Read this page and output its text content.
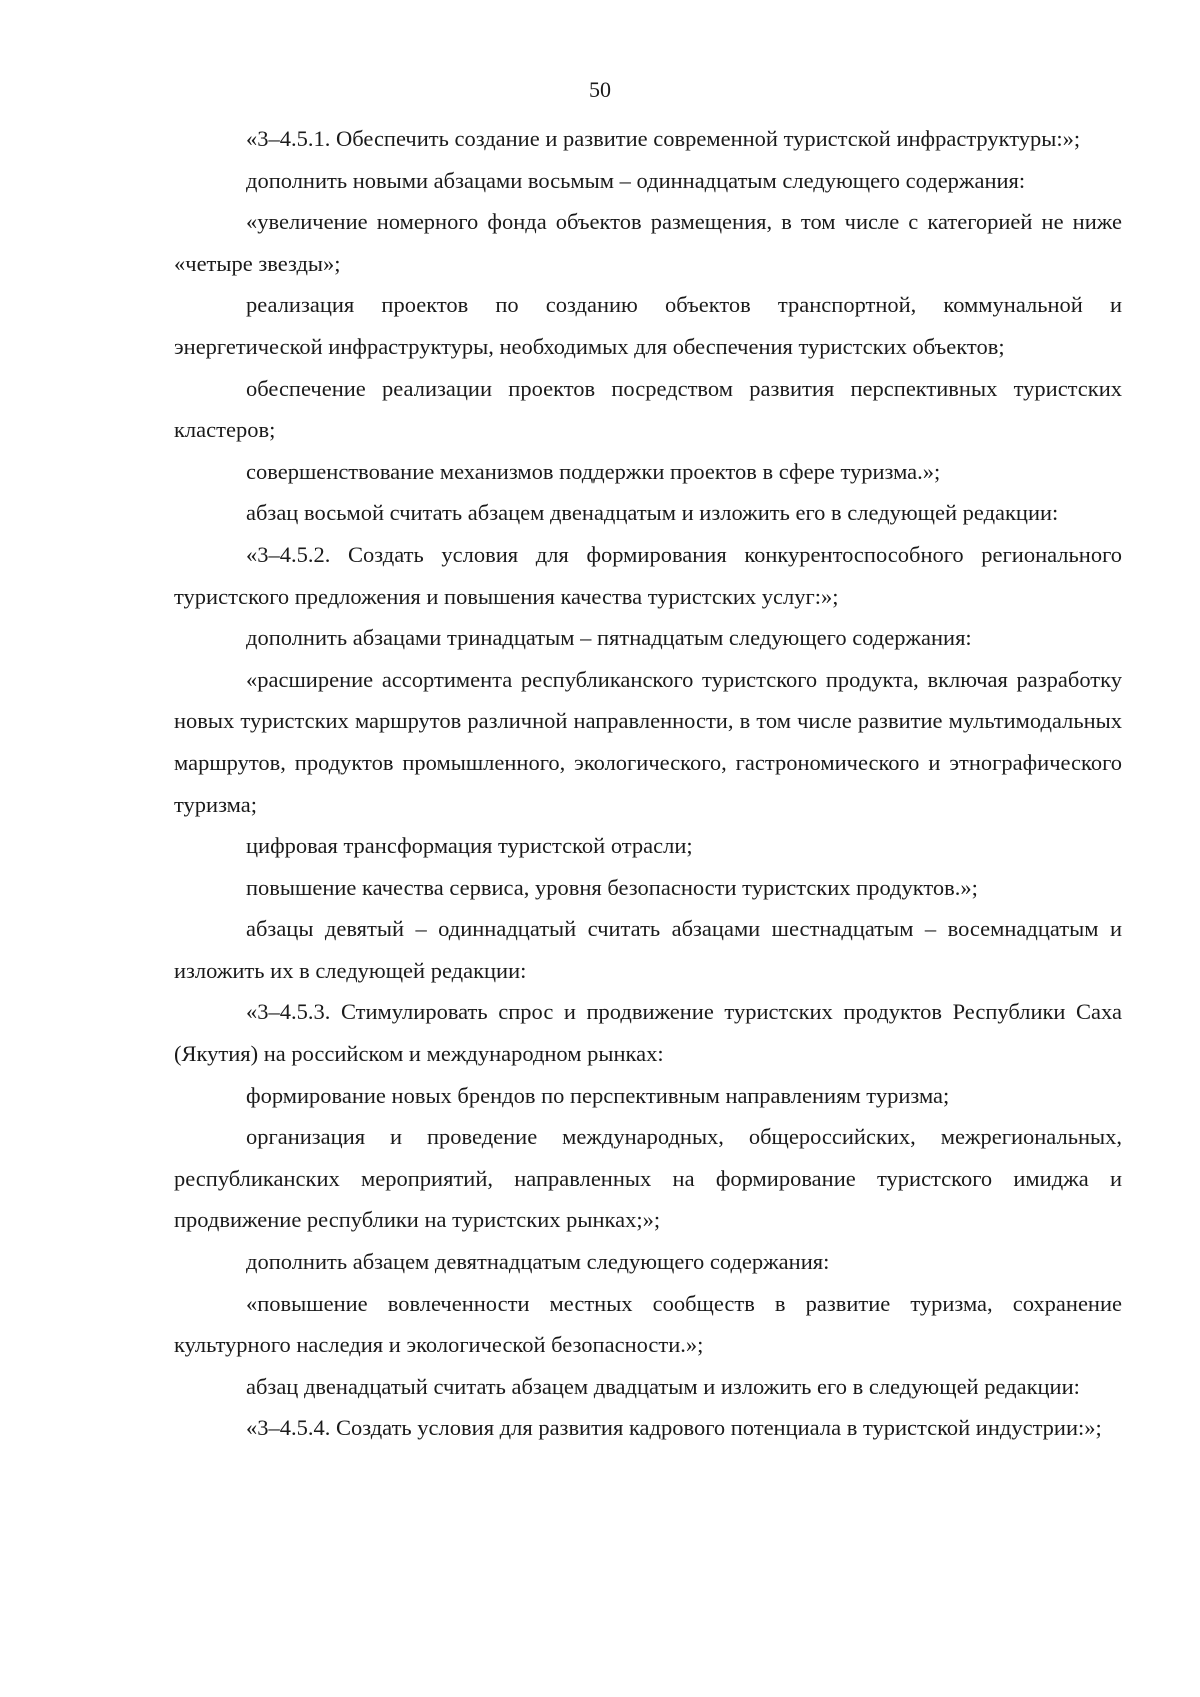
50

«3–4.5.1. Обеспечить создание и развитие современной туристской инфраструктуры:»;

дополнить новыми абзацами восьмым – одиннадцатым следующего содержания:

«увеличение номерного фонда объектов размещения, в том числе с категорией не ниже «четыре звезды»;

реализация проектов по созданию объектов транспортной, коммунальной и энергетической инфраструктуры, необходимых для обеспечения туристских объектов;

обеспечение реализации проектов посредством развития перспективных туристских кластеров;

совершенствование механизмов поддержки проектов в сфере туризма.»;

абзац восьмой считать абзацем двенадцатым и изложить его в следующей редакции:

«3–4.5.2. Создать условия для формирования конкурентоспособного регионального туристского предложения и повышения качества туристских услуг:»;

дополнить абзацами тринадцатым – пятнадцатым следующего содержания:

«расширение ассортимента республиканского туристского продукта, включая разработку новых туристских маршрутов различной направленности, в том числе развитие мультимодальных маршрутов, продуктов промышленного, экологического, гастрономического и этнографического туризма;

цифровая трансформация туристской отрасли;

повышение качества сервиса, уровня безопасности туристских продуктов.»;

абзацы девятый – одиннадцатый считать абзацами шестнадцатым – восемнадцатым и изложить их в следующей редакции:

«3–4.5.3. Стимулировать спрос и продвижение туристских продуктов Республики Саха (Якутия) на российском и международном рынках:

формирование новых брендов по перспективным направлениям туризма;

организация и проведение международных, общероссийских, межрегиональных, республиканских мероприятий, направленных на формирование туристского имиджа и продвижение республики на туристских рынках;»;

дополнить абзацем девятнадцатым следующего содержания:

«повышение вовлеченности местных сообществ в развитие туризма, сохранение культурного наследия и экологической безопасности.»;

абзац двенадцатый считать абзацем двадцатым и изложить его в следующей редакции:

«3–4.5.4. Создать условия для развития кадрового потенциала в туристской индустрии:»;
